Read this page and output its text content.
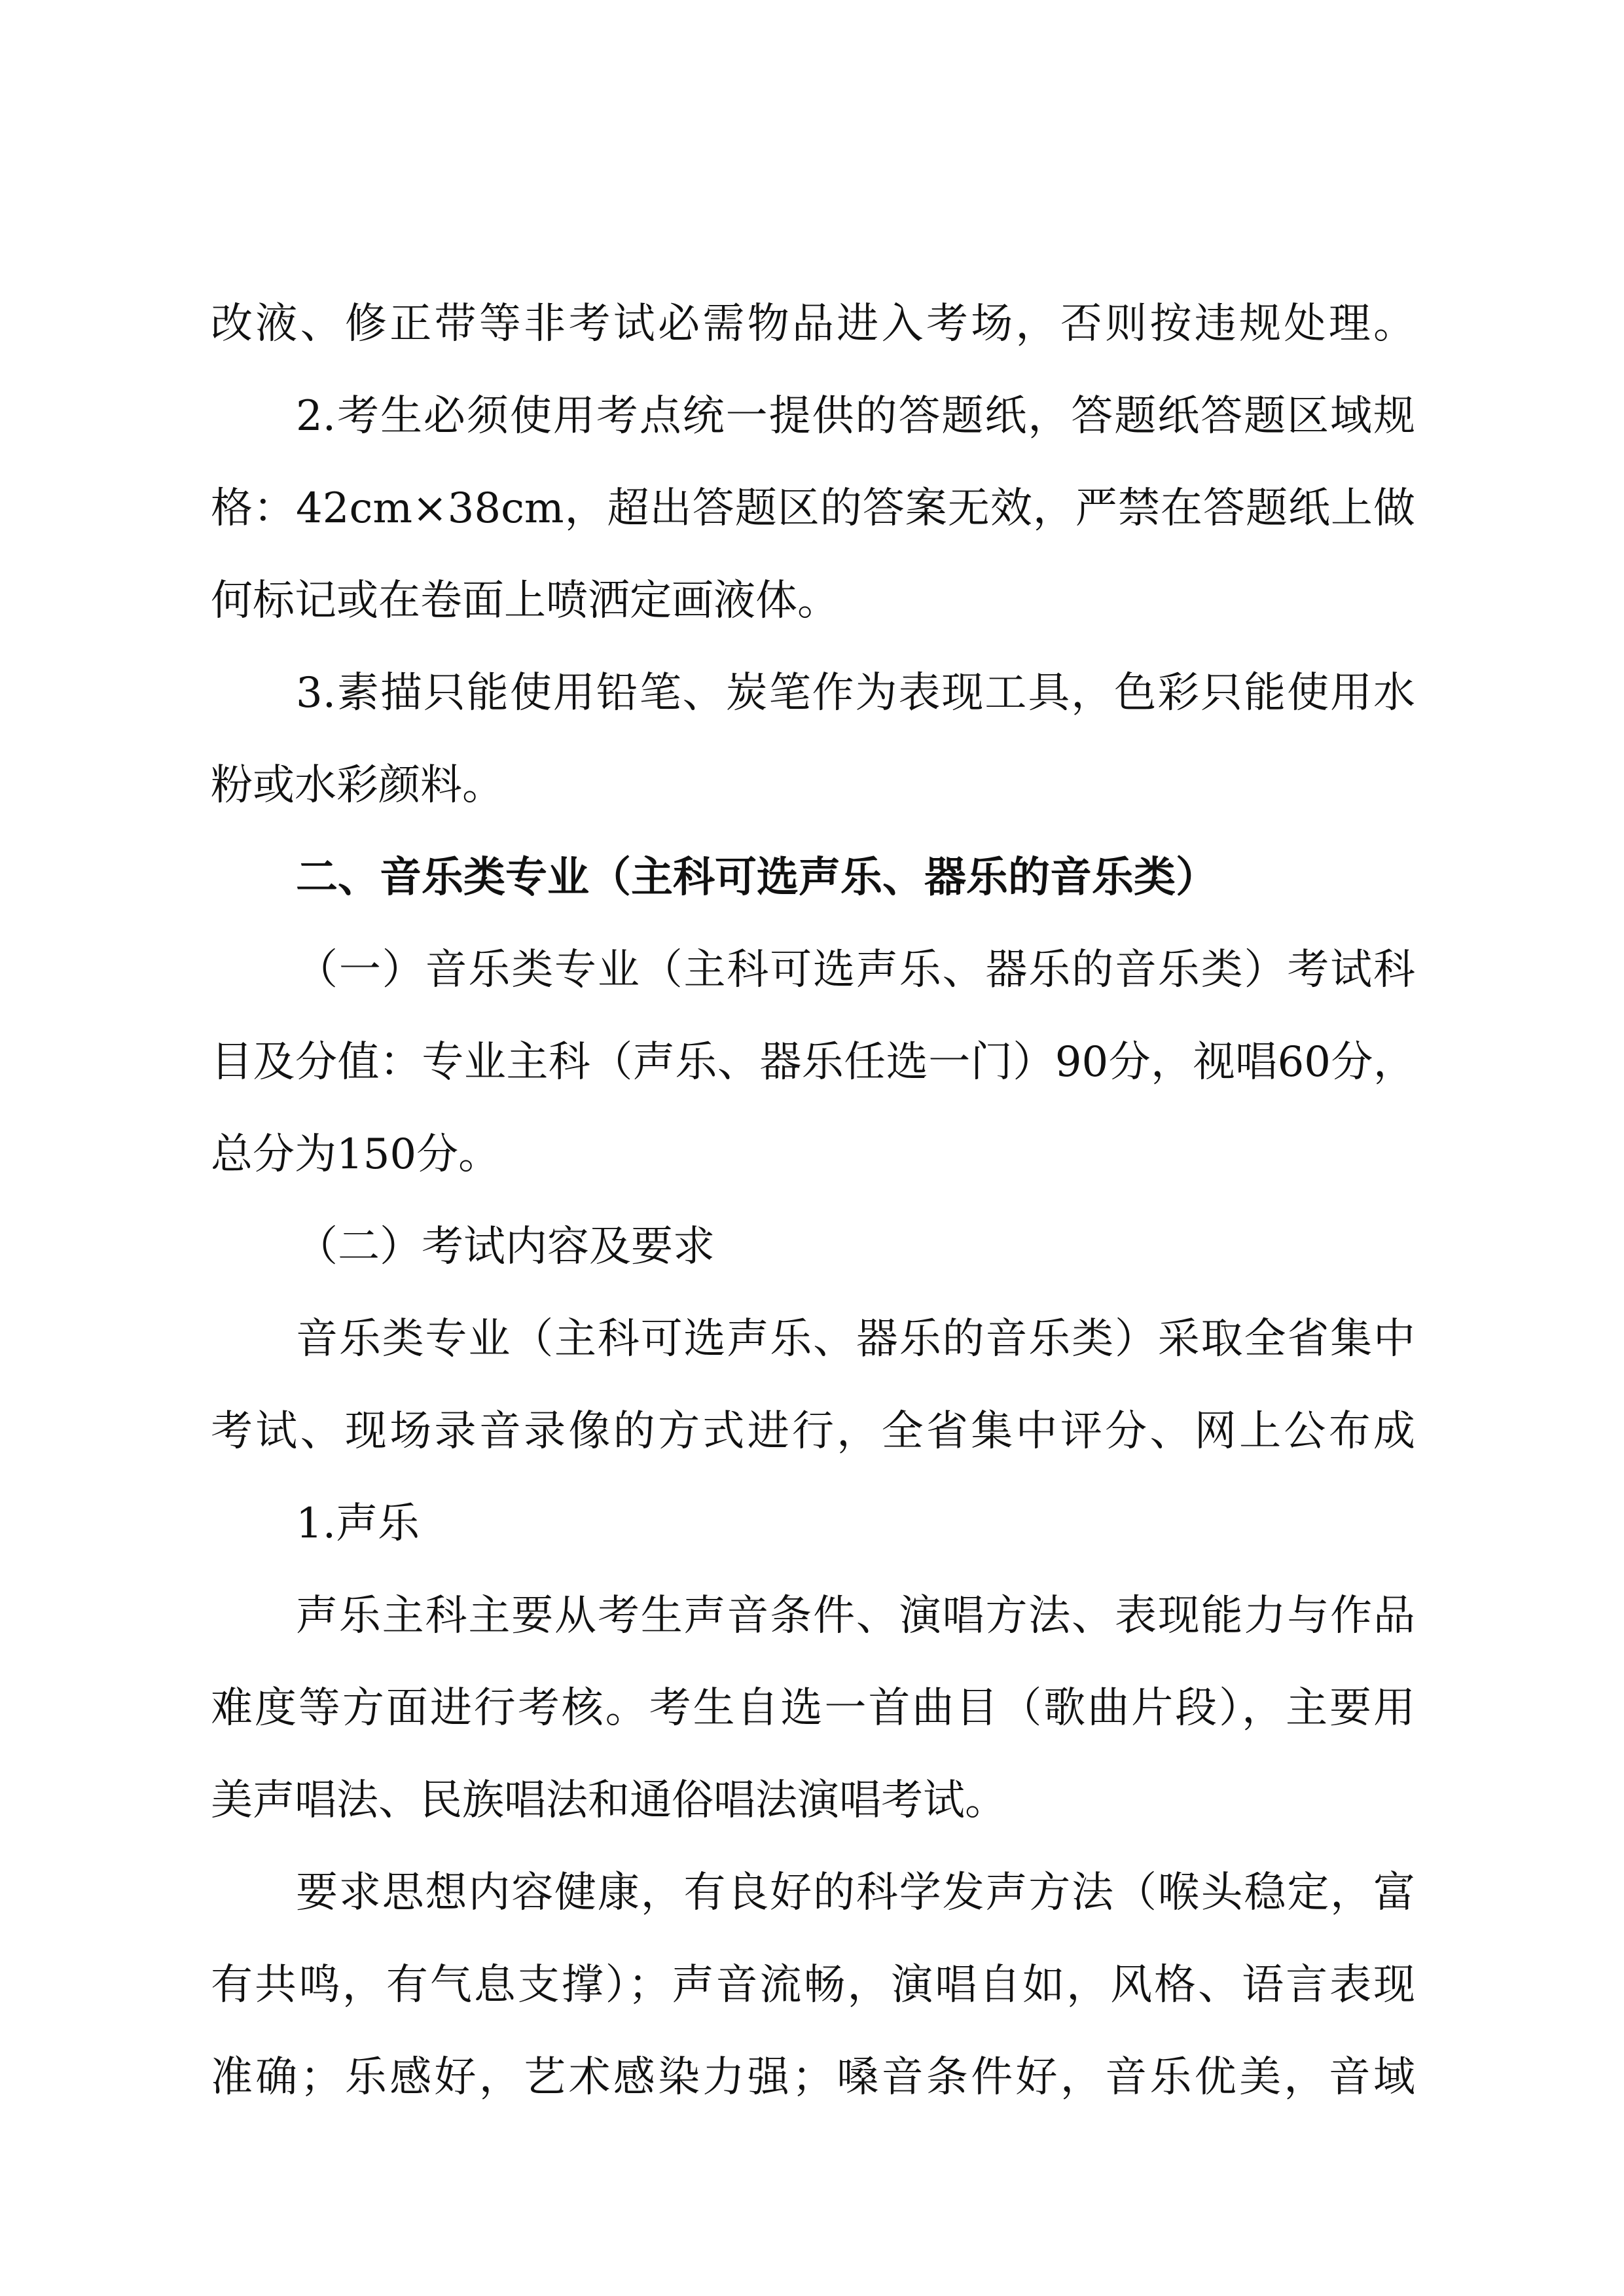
改液、修正带等非考试必需物品进入考场，否则按违规处理。
2.考生必须使用考点统一提供的答题纸，答题纸答题区域规
格：42cm×38cm，超出答题区的答案无效，严禁在答题纸上做
何标记或在卷面上喷洒定画液体。
3.素描只能使用铅笔、炭笔作为表现工具，色彩只能使用水
粉或水彩颜料。
二、音乐类专业（主科可选声乐、器乐的音乐类）
（一）音乐类专业（主科可选声乐、器乐的音乐类）考试科
目及分值：专业主科（声乐、器乐任选一门）90分，视唱60分，
总分为150分。
（二）考试内容及要求
音乐类专业（主科可选声乐、器乐的音乐类）采取全省集中
考试、现场录音录像的方式进行，全省集中评分、网上公布成
1.声乐
声乐主科主要从考生声音条件、演唱方法、表现能力与作品
难度等方面进行考核。考生自选一首曲目（歌曲片段），主要用
美声唱法、民族唱法和通俗唱法演唱考试。
要求思想内容健康，有良好的科学发声方法（喉头稳定，富
有共鸣，有气息支撑）；声音流畅，演唱自如，风格、语言表现
准确；乐感好，艺术感染力强；嗓音条件好，音乐优美，音域
